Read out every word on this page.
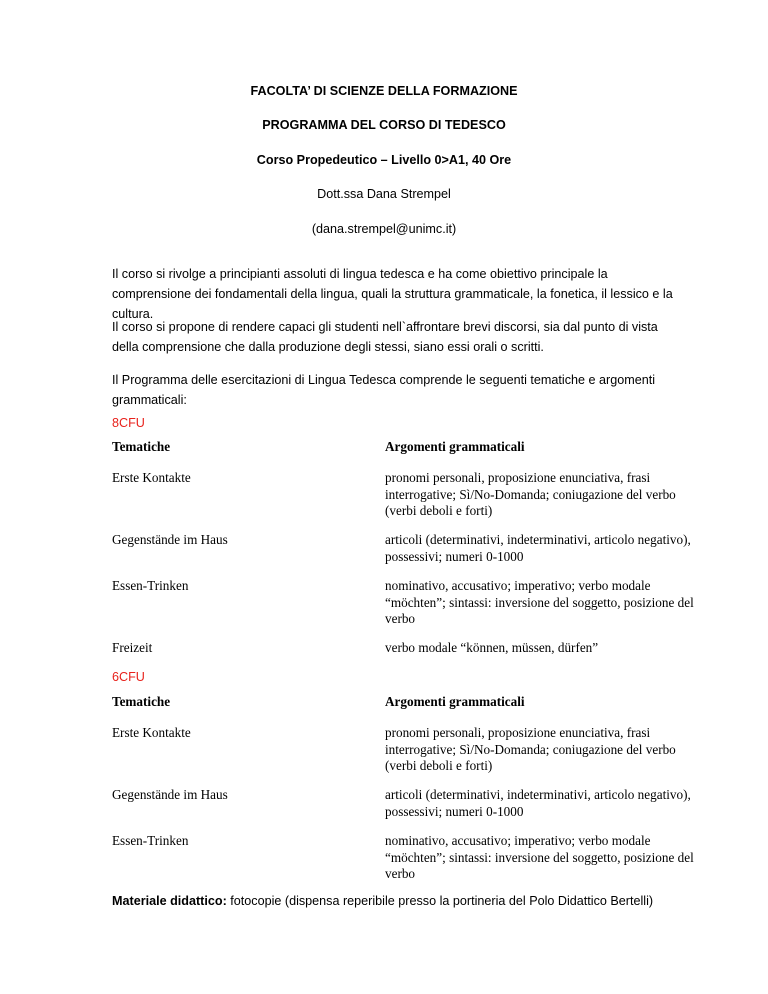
FACOLTA’ DI SCIENZE DELLA FORMAZIONE
PROGRAMMA DEL CORSO DI TEDESCO
Corso Propedeutico – Livello 0>A1, 40 Ore
Dott.ssa Dana Strempel
(dana.strempel@unimc.it)
Il corso si rivolge a principianti assoluti di lingua tedesca e ha come obiettivo principale la comprensione dei fondamentali della lingua, quali la struttura grammaticale, la fonetica, il lessico e la cultura.
Il corso si propone di rendere capaci gli studenti nell`affrontare brevi discorsi, sia dal punto di vista della comprensione che dalla produzione degli stessi, siano essi orali o scritti.
Il Programma delle esercitazioni di Lingua Tedesca comprende le seguenti tematiche e argomenti grammaticali:
8CFU
Tematiche	Argomenti grammaticali
Erste Kontakte	pronomi personali, proposizione enunciativa, frasi interrogative; Sì/No-Domanda; coniugazione del verbo (verbi deboli e forti)
Gegenstände im Haus	articoli (determinativi, indeterminativi, articolo negativo), possessivi; numeri 0-1000
Essen-Trinken	nominativo, accusativo; imperativo; verbo modale “möchten”; sintassi: inversione del soggetto, posizione del verbo
Freizeit	verbo modale “können, müssen, dürfen”
6CFU
Tematiche	Argomenti grammaticali
Erste Kontakte	pronomi personali, proposizione enunciativa, frasi interrogative; Sì/No-Domanda; coniugazione del verbo (verbi deboli e forti)
Gegenstände im Haus	articoli (determinativi, indeterminativi, articolo negativo), possessivi; numeri 0-1000
Essen-Trinken	nominativo, accusativo; imperativo; verbo modale “möchten”; sintassi: inversione del soggetto, posizione del verbo
Materiale didattico: fotocopie (dispensa reperibile presso la portineria del Polo Didattico Bertelli)
